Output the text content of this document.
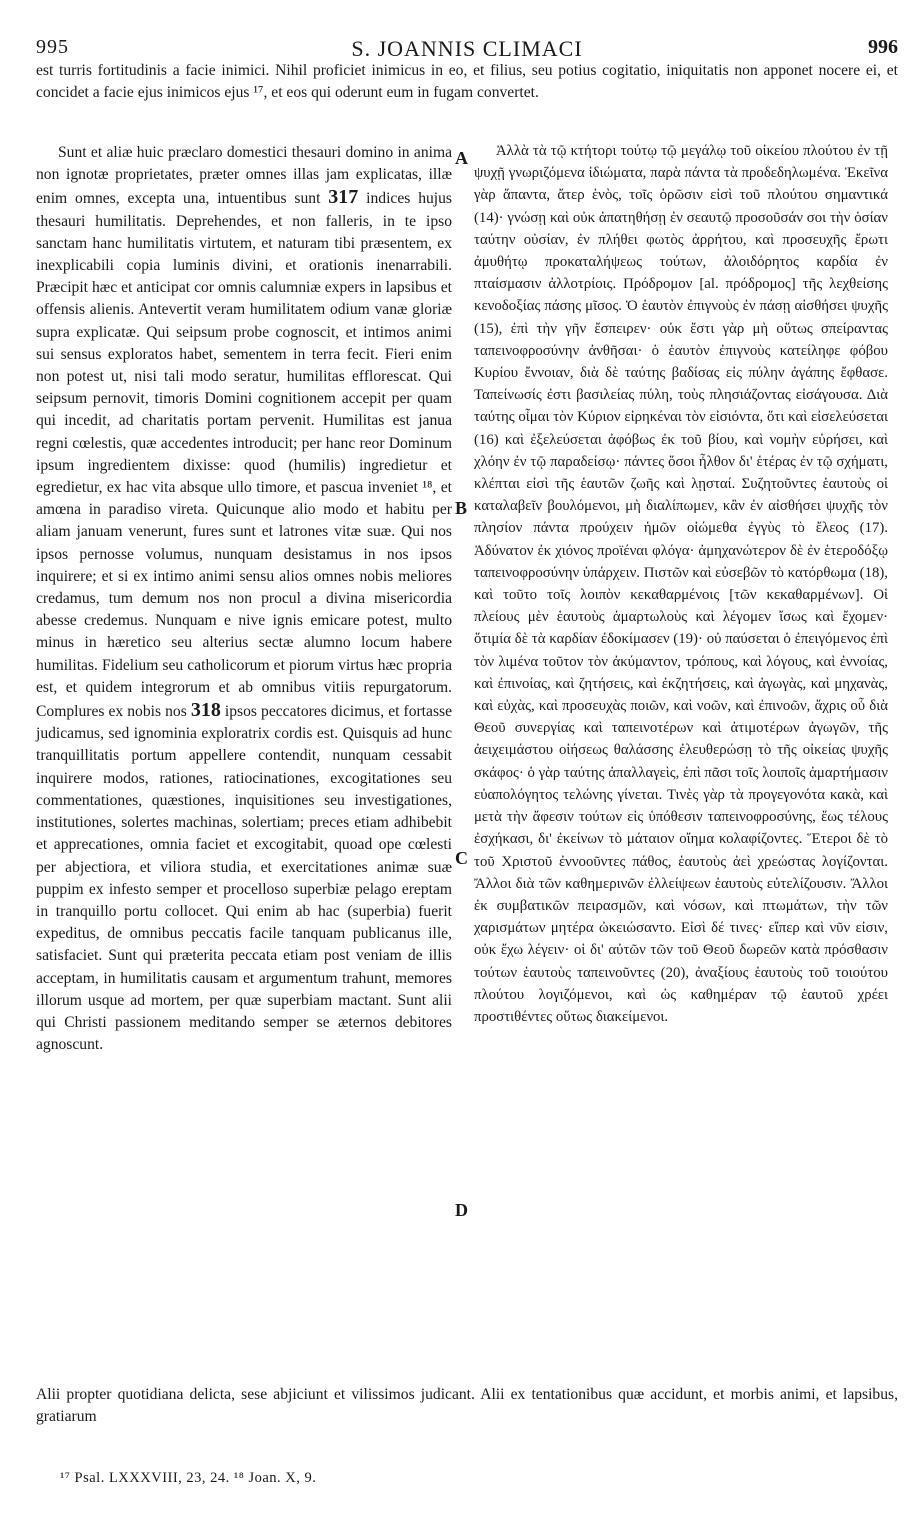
S. JOANNIS CLIMACI
995	996
est turris fortitudinis a facie inimici. Nihil proficiet inimicus in eo, et filius, seu potius cogitatio, iniquitatis non apponet nocere ei, et concidet a facie ejus inimicos ejus ¹⁷, et eos qui oderunt eum in fugam convertet.

Sunt et aliæ huic præclaro domestici thesauri domino in anima non ignotæ proprietates, præter omnes illas jam explicatas, illæ enim omnes, excepta una, intuentibus sunt 317 indices hujus thesauri humilitatis. Deprehendes, et non falleris, in te ipso sanctam hanc humilitatis virtutem, et naturam tibi præsentem, ex inexplicabili copia luminis divini, et orationis inenarrabili. Præcipit hæc et anticipat cor omnis calumniæ expers in lapsibus et offensis alienis. Antevertit veram humilitatem odium vanæ gloriæ supra explicatæ. Qui seipsum probe cognoscit, et intimos animi sui sensus exploratos habet, sementem in terra fecit. Fieri enim non potest ut, nisi tali modo seratur, humilitas efflorescat. Qui seipsum pernovit, timoris Domini cognitionem accepit per quam qui incedit, ad charitatis portam pervenit. Humilitas est janua regni cœlestis, quæ accedentes introducit; per hanc reor Dominum ipsum ingredientem dixisse: quod (humilis) ingredietur et egredietur, ex hac vita absque ullo timore, et pascua inveniet ¹⁸, et amœna in paradiso vireta. Quicunque alio modo et habitu per aliam januam venerunt, fures sunt et latrones vitæ suæ. Qui nos ipsos pernosse volumus, nunquam desistamus in nos ipsos inquirere; et si ex intimo animi sensu alios omnes nobis meliores credamus, tum demum nos non procul a divina misericordia abesse credemus. Nunquam e nive ignis emicare potest, multo minus in hæretico seu alterius sectæ alumno locum habere humilitas. Fidelium seu catholicorum et piorum virtus hæc propria est, et quidem integrorum et ab omnibus vitiis repurgatorum. Complures ex nobis nos 318 ipsos peccatores dicimus, et fortasse judicamus, sed ignominia exploratrix cordis est. Quisquis ad hunc tranquillitatis portum appellere contendit, nunquam cessabit inquirere modos, rationes, ratiocinationes, excogitationes seu commentationes, quæstiones, inquisitiones seu investigationes, institutiones, solertes machinas, solertiam; preces etiam adhibebit et apprecationes, omnia faciet et excogitabit, quoad ope cœlesti per abjectiora, et viliora studia, et exercitationes animæ suæ puppim ex infesto semper et procelloso superbiæ pelago ereptam in tranquillo portu collocet. Qui enim ab hac (superbia) fuerit expeditus, de omnibus peccatis facile tanquam publicanus ille, satisfaciet. Sunt qui præterita peccata etiam post veniam de illis acceptam, in humilitatis causam et argumentum trahunt, memores illorum usque ad mortem, per quæ superbiam mactant. Sunt alii qui Christi passionem meditando semper se æternos debitores agnoscunt.

A
B
C
D

Ἀλλὰ τὰ τῷ κτήτορι τούτῳ τῷ μεγάλῳ τοῦ οἰκείου πλούτου ἐν τῇ ψυχῇ γνωριζόμενα ἰδιώματα, παρὰ πάντα τὰ προδεδηλωμένα. Ἐκεῖνα γὰρ ἅπαντα, ἄτερ ἑνὸς, τοῖς ὁρῶσιν εἰσὶ τοῦ πλούτου σημαντικά (14)· γνώσῃ καὶ οὐκ ἀπατηθήσῃ ἐν σεαυτῷ προσοῦσάν σοι τὴν ὁσίαν ταύτην οὐσίαν, ἐν πλήθει φωτὸς ἀρρήτου, καὶ προσευχῆς ἔρωτι ἀμυθήτῳ προκαταλήψεως τούτων, ἀλοιδόρητος καρδία ἐν πταίσμασιν ἀλλοτρίοις. Πρόδρομον [al. πρόδρομος] τῆς λεχθείσης κενοδοξίας πάσης μῖσος. Ὁ ἑαυτὸν ἐπιγνοὺς ἐν πάσῃ αἰσθήσει ψυχῆς (15), ἐπὶ τὴν γῆν ἔσπειρεν· οὐκ ἔστι γὰρ μὴ οὕτως σπείραντας ταπεινοφροσύνην ἀνθῆσαι· ὁ ἑαυτὸν ἐπιγνοὺς κατείληφε φόβου Κυρίου ἔννοιαν, διὰ δὲ ταύτης βαδίσας εἰς πύλην ἀγάπης ἔφθασε. Ταπείνωσίς ἐστι βασιλείας πύλη, τοὺς πλησιάζοντας εἰσάγουσα. Διὰ ταύτης οἶμαι τὸν Κύριον εἰρηκέναι τὸν εἰσιόντα, ὅτι καὶ εἰσελεύσεται (16) καὶ ἐξελεύσεται ἀφόβως ἐκ τοῦ βίου, καὶ νομὴν εὑρήσει, καὶ χλόην ἐν τῷ παραδείσῳ· πάντες ὅσοι ἦλθον δι' ἑτέρας ἐν τῷ σχήματι, κλέπται εἰσὶ τῆς ἑαυτῶν ζωῆς καὶ λῃσταί. Συζητοῦντες ἑαυτοὺς οἱ καταλαβεῖν βουλόμενοι, μὴ διαλίπωμεν, κἂν ἐν αἰσθήσει ψυχῆς τὸν πλησίον πάντα προύχειν ἡμῶν οἰώμεθα ἐγγὺς τὸ ἔλεος (17). Ἀδύνατον ἐκ χιόνος προϊέναι φλόγα· ἀμηχανώτερον δὲ ἐν ἑτεροδόξῳ ταπεινοφροσύνην ὑπάρχειν. Πιστῶν καὶ εὐσεβῶν τὸ κατόρθωμα (18), καὶ τοῦτο τοῖς λοιπὸν κεκαθαρμένοις [τῶν κεκαθαρμένων]. Οἱ πλείους μὲν ἑαυτοὺς ἁμαρτωλοὺς καὶ λέγομεν ἴσως καὶ ἔχομεν· ὅτιμία δὲ τὰ καρδίαν ἐδοκίμασεν (19)· οὐ παύσεται ὁ ἐπειγόμενος ἐπὶ τὸν λιμένα τοῦτον τὸν ἀκύμαντον, τρόπους, καὶ λόγους, καὶ ἐννοίας, καὶ ἐπινοίας, καὶ ζητήσεις, καὶ ἐκζητήσεις, καὶ ἀγωγὰς, καὶ μηχανὰς, καὶ εὐχὰς, καὶ προσευχὰς ποιῶν, καὶ νοῶν, καὶ ἐπινοῶν, ἄχρις οὗ διὰ Θεοῦ συνεργίας καὶ ταπεινοτέρων καὶ ἀτιμοτέρων ἀγωγῶν, τῆς ἀειχειμάστου οἰήσεως θαλάσσης ἐλευθερώσῃ τὸ τῆς οἰκείας ψυχῆς σκάφος· ὁ γὰρ ταύτης ἀπαλλαγεὶς, ἐπὶ πᾶσι τοῖς λοιποῖς ἁμαρτήμασιν εὐαπολόγητος τελώνης γίνεται. Τινὲς γὰρ τὰ προγεγονότα κακὰ, καὶ μετὰ τὴν ἄφεσιν τούτων εἰς ὑπόθεσιν ταπεινοφροσύνης, ἕως τέλους ἐσχήκασι, δι' ἐκείνων τὸ μάταιον οἴημα κολαφίζοντες. Ἕτεροι δὲ τὸ τοῦ Χριστοῦ ἐννοοῦντες πάθος, ἑαυτοὺς ἀεὶ χρεώστας λογίζονται. Ἄλλοι διὰ τῶν καθημερινῶν ἐλλείψεων ἑαυτοὺς εὐτελίζουσιν. Ἄλλοι ἐκ συμβατικῶν πειρασμῶν, καὶ νόσων, καὶ πτωμάτων, τὴν τῶν χαρισμάτων μητέρα ὠκειώσαντο. Εἰσὶ δέ τινες· εἴπερ καὶ νῦν εἰσιν, οὐκ ἔχω λέγειν· οἱ δι' αὐτῶν τῶν τοῦ Θεοῦ δωρεῶν κατὰ πρόσθασιν τούτων ἑαυτοὺς ταπεινοῦντες (20), ἀναξίους ἑαυτοὺς τοῦ τοιούτου πλούτου λογιζόμενοι, καὶ ὡς καθημέραν τῷ ἑαυτοῦ χρέει προστιθέντες οὕτως διακείμενοι.

Alii propter quotidiana delicta, sese abjiciunt et vilissimos judicant. Alii ex tentationibus quæ accidunt, et morbis animi, et lapsibus, gratiarum
¹⁷ Psal. LXXXVIII, 23, 24. ¹⁸ Joan. X, 9.
